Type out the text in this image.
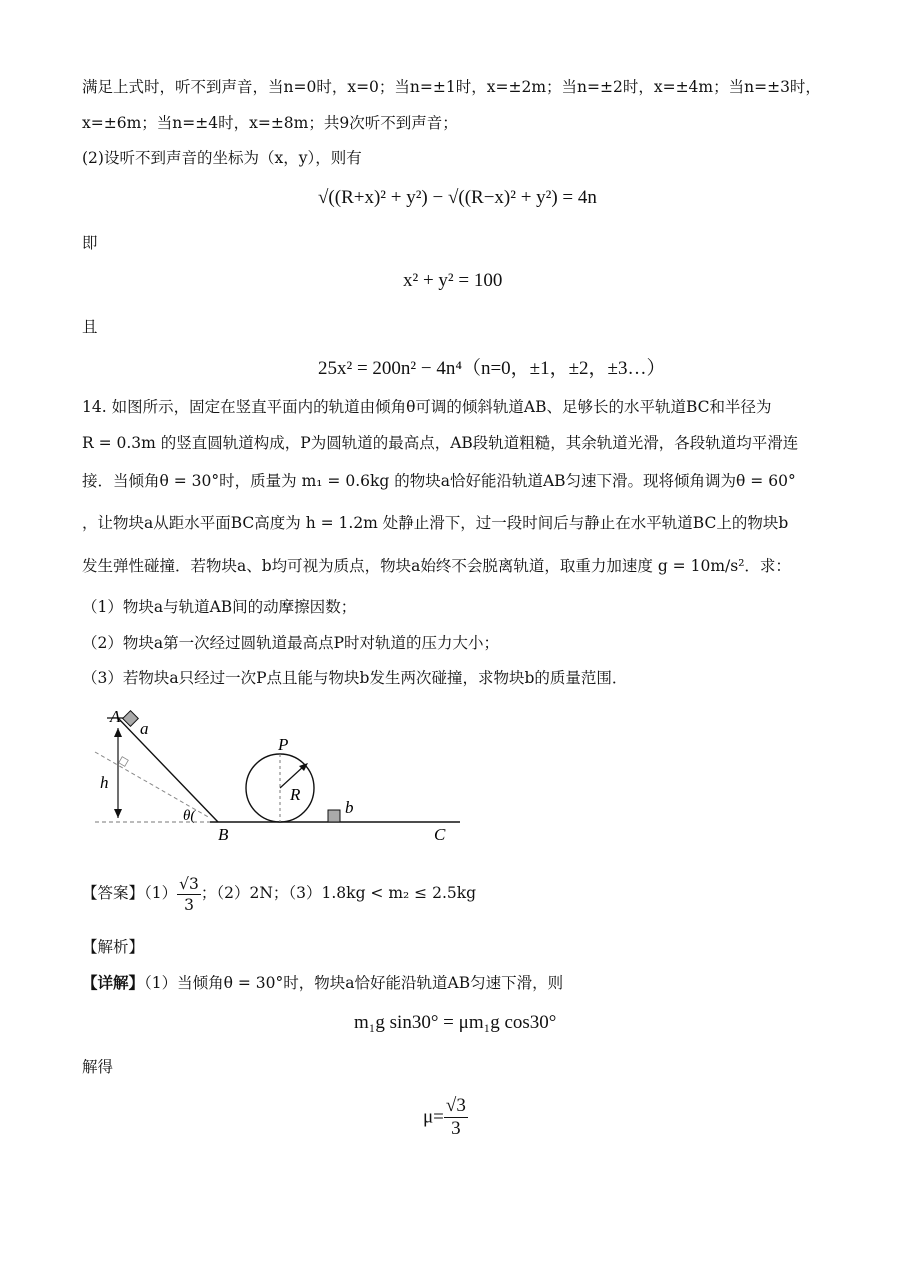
满足上式时，听不到声音，当n=0时，x=0；当n=±1时，x=±2m；当n=±2时，x=±4m；当n=±3时，
x=±6m；当n=±4时，x=±8m；共9次听不到声音；
(2)设听不到声音的坐标为（x，y），则有
√((R+x)² + y²) − √((R−x)² + y²) = 4n
即
x² + y² = 100
且
25x² = 200n² − 4n⁴（n=0，±1，±2，±3…）
14. 如图所示，固定在竖直平面内的轨道由倾角θ可调的倾斜轨道AB、足够长的水平轨道BC和半径为
R = 0.3m 的竖直圆轨道构成，P为圆轨道的最高点，AB段轨道粗糙，其余轨道光滑，各段轨道均平滑连
接．当倾角θ = 30°时，质量为 m₁ = 0.6kg 的物块a恰好能沿轨道AB匀速下滑。现将倾角调为θ = 60°
，让物块a从距水平面BC高度为 h = 1.2m 处静止滑下，过一段时间后与静止在水平轨道BC上的物块b
发生弹性碰撞．若物块a、b均可视为质点，物块a始终不会脱离轨道，取重力加速度 g = 10m/s²．求：
（1）物块a与轨道AB间的动摩擦因数；
（2）物块a第一次经过圆轨道最高点P时对轨道的压力大小；
（3）若物块a只经过一次P点且能与物块b发生两次碰撞，求物块b的质量范围．
A
a
h
θ(
B
P
R
b
C
【答案】$(1) \frac{√3}{3}$ ；（2）2N；（3）1.8kg < m₂ ≤ 2.5kg
【解析】
【详解】（1）当倾角θ = 30°时，物块a恰好能沿轨道AB匀速下滑，则
m₁g sin30° = μm₁g cos30°
解得
$\mu= \frac{√3}{3}$
